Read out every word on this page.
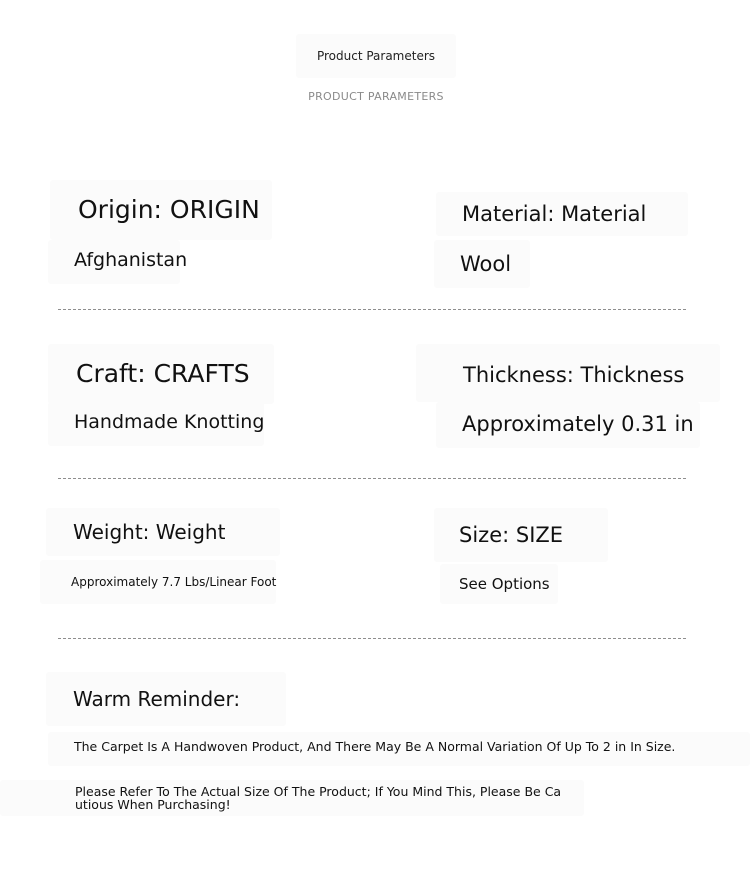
Product Parameters
PRODUCT PARAMETERS
Origin: ORIGIN
Afghanistan
Material: Material
Wool
Craft: CRAFTS
Handmade Knotting
Thickness: Thickness
Approximately 0.31 in
Weight: Weight
Approximately 7.7 Lbs/Linear Foot
Size: SIZE
See Options
Warm Reminder:
The Carpet Is A Handwoven Product, And There May Be A Normal Variation Of Up To 2 in In Size.
Please Refer To The Actual Size Of The Product; If You Mind This, Please Be Ca
utious When Purchasing!
